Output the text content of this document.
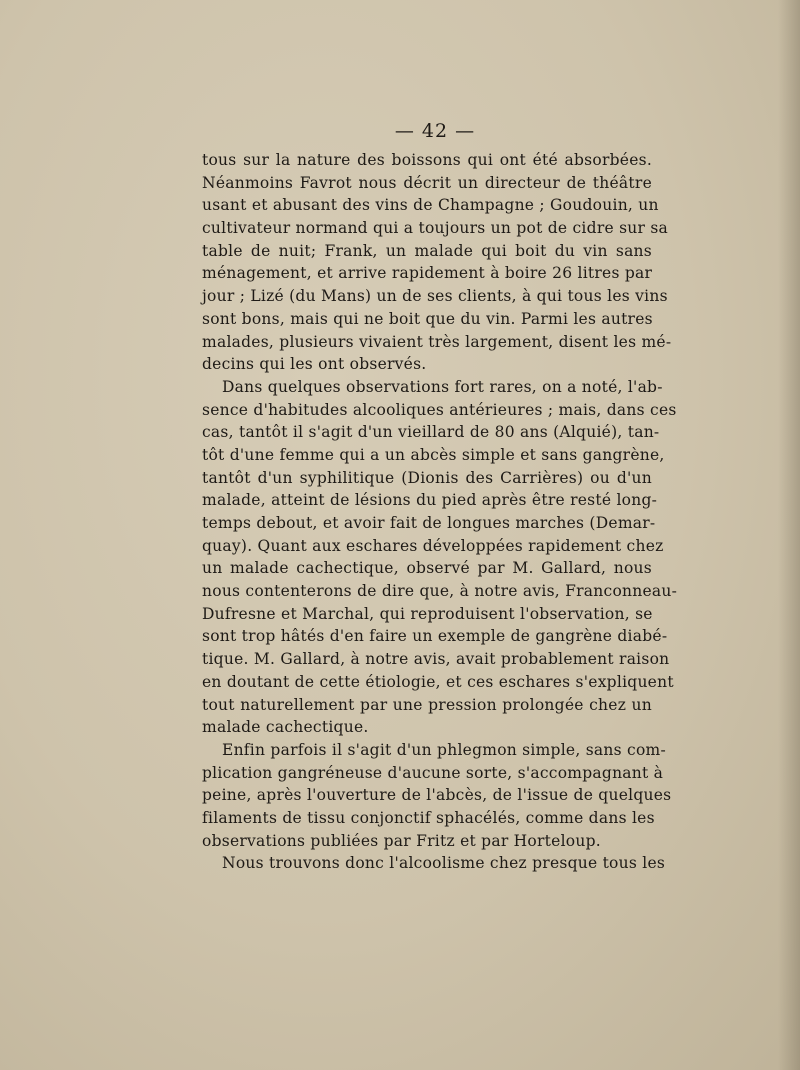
— 42 —
tous sur la nature des boissons qui ont été absorbées.
Néanmoins Favrot nous décrit un directeur de théâtre
usant et abusant des vins de Champagne ; Goudouin, un
cultivateur normand qui a toujours un pot de cidre sur sa
table de nuit; Frank, un malade qui boit du vin sans
ménagement, et arrive rapidement à boire 26 litres par
jour ; Lizé (du Mans) un de ses clients, à qui tous les vins
sont bons, mais qui ne boit que du vin. Parmi les autres
malades, plusieurs vivaient très largement, disent les mé-
decins qui les ont observés.
Dans quelques observations fort rares, on a noté, l'ab-
sence d'habitudes alcooliques antérieures ; mais, dans ces
cas, tantôt il s'agit d'un vieillard de 80 ans (Alquié), tan-
tôt d'une femme qui a un abcès simple et sans gangrène,
tantôt d'un syphilitique (Dionis des Carrières) ou d'un
malade, atteint de lésions du pied après être resté long-
temps debout, et avoir fait de longues marches (Demar-
quay). Quant aux eschares développées rapidement chez
un malade cachectique, observé par M. Gallard, nous
nous contenterons de dire que, à notre avis, Franconneau-
Dufresne et Marchal, qui reproduisent l'observation, se
sont trop hâtés d'en faire un exemple de gangrène diabé-
tique. M. Gallard, à notre avis, avait probablement raison
en doutant de cette étiologie, et ces eschares s'expliquent
tout naturellement par une pression prolongée chez un
malade cachectique.
Enfin parfois il s'agit d'un phlegmon simple, sans com-
plication gangréneuse d'aucune sorte, s'accompagnant à
peine, après l'ouverture de l'abcès, de l'issue de quelques
filaments de tissu conjonctif sphacélés, comme dans les
observations publiées par Fritz et par Horteloup.
Nous trouvons donc l'alcoolisme chez presque tous les
